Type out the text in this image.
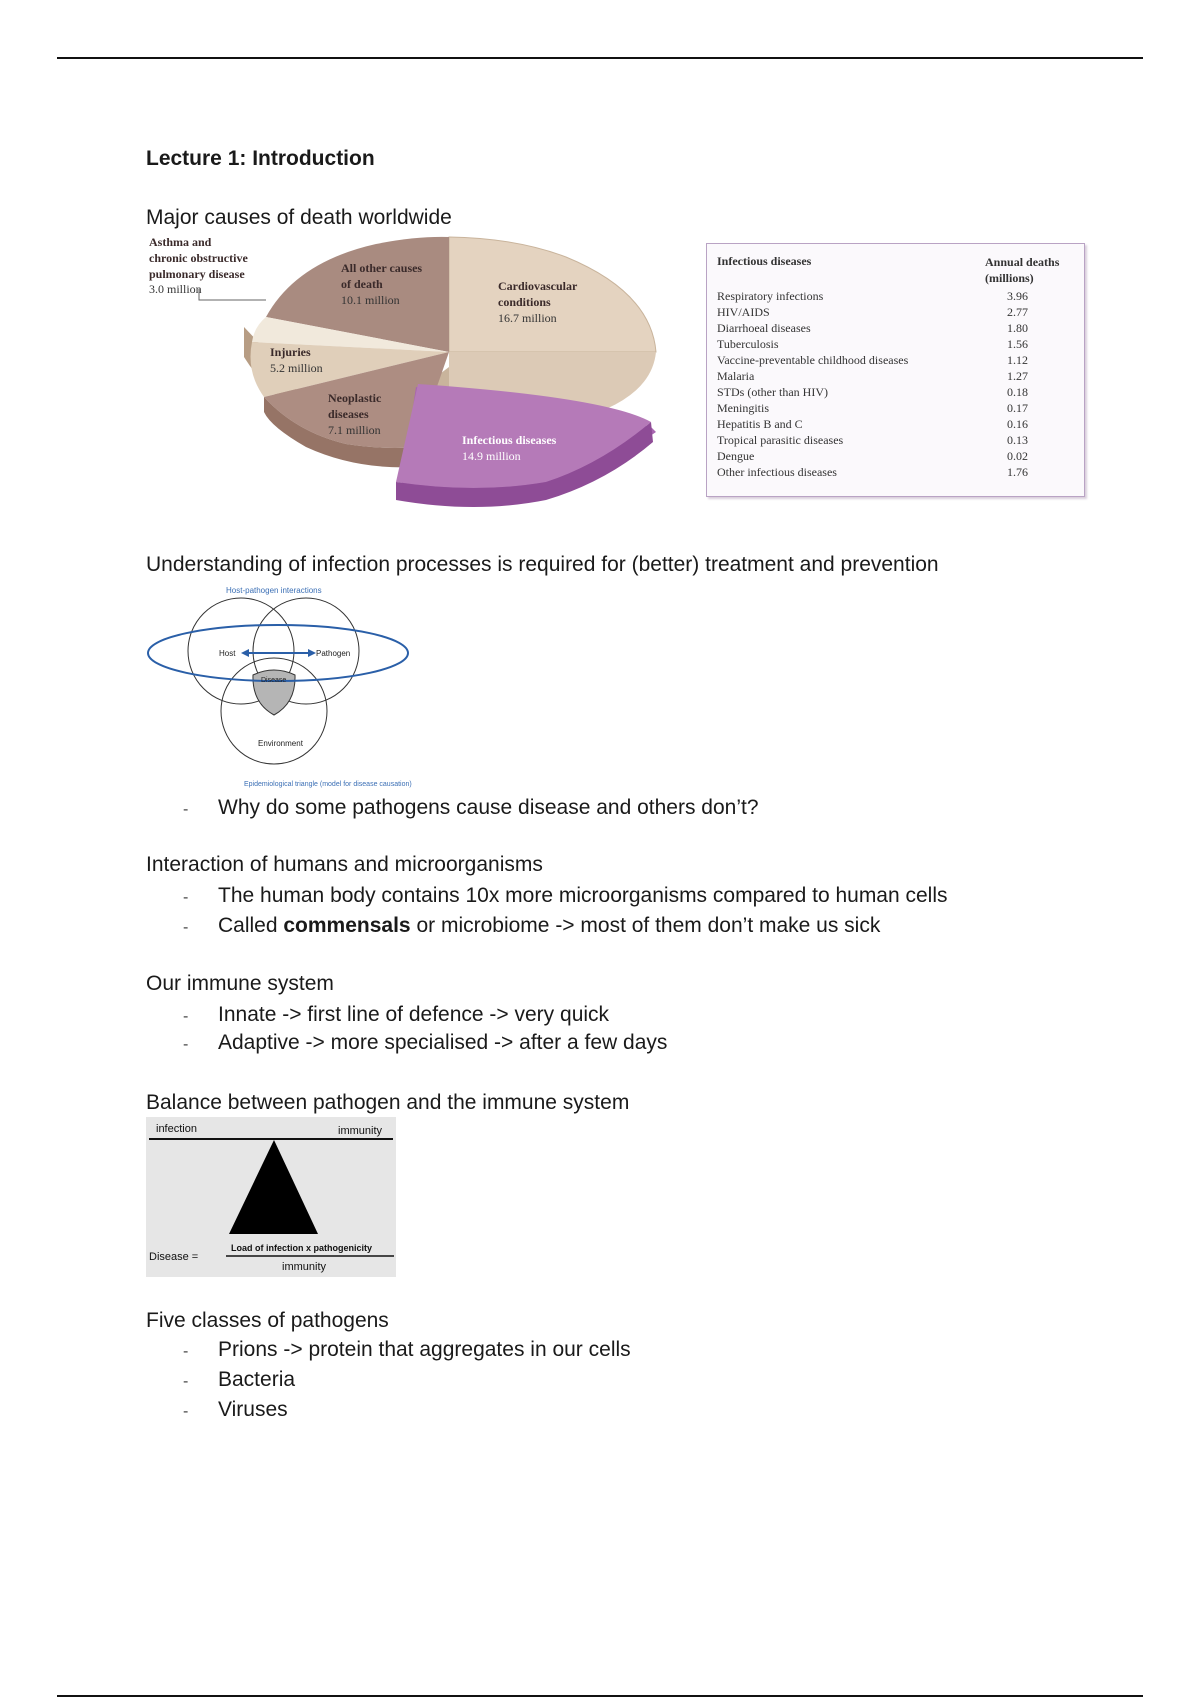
Lecture 1: Introduction
Major causes of death worldwide
Asthma and
chronic obstructive
pulmonary disease
3.0 million
All other causes
of death
10.1 million
Cardiovascular
conditions
16.7 million
Injuries
5.2 million
Neoplastic
diseases
7.1 million
Infectious diseases
14.9 million
Infectious diseases	Annual deaths (millions)
Respiratory infections	3.96
HIV/AIDS	2.77
Diarrhoeal diseases	1.80
Tuberculosis	1.56
Vaccine-preventable childhood diseases	1.12
Malaria	1.27
STDs (other than HIV)	0.18
Meningitis	0.17
Hepatitis B and C	0.16
Tropical parasitic diseases	0.13
Dengue	0.02
Other infectious diseases	1.76
Understanding of infection processes is required for (better) treatment and prevention
Host-pathogen interactions
Host	Pathogen
Disease
Environment
Epidemiological triangle (model for disease causation)
- Why do some pathogens cause disease and others don’t?
Interaction of humans and microorganisms
- The human body contains 10x more microorganisms compared to human cells
- Called commensals or microbiome -> most of them don’t make us sick
Our immune system
- Innate -> first line of defence -> very quick
- Adaptive -> more specialised -> after a few days
Balance between pathogen and the immune system
infection	immunity
Disease =
Load of infection x pathogenicity
immunity
Five classes of pathogens
- Prions -> protein that aggregates in our cells
- Bacteria
- Viruses
